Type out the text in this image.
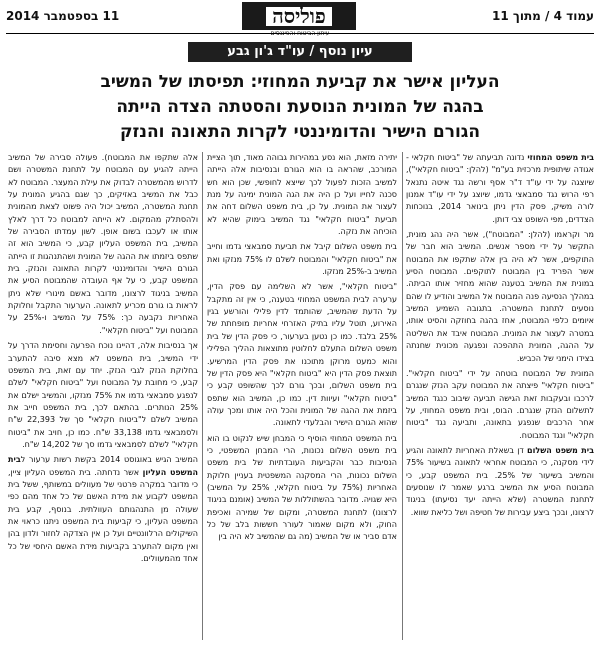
11 בספטמבר 2014	עמוד 4 / מתוך 11
פוליסה
עיתון הביטוח והפיננסים
עיון נוסף / עו"ד ג'ון גבע
העליון אישר את קביעת המחוזי: תפיסתו של המשיב
בהגה של המונית הנוסעת והסטתה הצדה הייתה
הגורם הישיר והדומיננטי לקרות התאונה והנזק

בית משפט המחוזי נדונה תביעתה של "ביטוח חקלאי - אגודה שיתופית מרכזית בע"מ" (להלן: "ביטוח חקלאי"), שיוצגה על ידי עו"ד ד"ר אסף ורשה נגד איטה נתנאל רפי הרוש נגד סמבאצי גדמו, שיוצג על ידי עו"ד אמנון לורה משיק, פסק הדין ניתן בינואר 2014, בנוכחות הצדדים, מפי השופט צבי דותן.

מר וקראמו (להלן: "המבוטח"), אשר היה נהג מונית, התקשר על ידי מספר אנשים. המשיב הוא חבר של התוקפים, אשר לא היה בין אלה שתקפו את המבוטח אשר הפריד בין המבוטח לתוקפים. המבוטח הסיע במונית את המשיב בטענה שהוא מחזיר אותו הביתה. במהלך הנסיעה פנה המבוטח אל המשיב והודיע לו שהם נוסעים לתחנת המשטרה. בתגובה השמיע המשיב איומים כלפי המבוטח, אחז בהגה בחוזקה והסיט אותו, במטרה לעצור את המונית. המבוטח איבד את השליטה על ההגה, המונית התהפכה ונפגעה מכונית שחנתה בצידו הימני של הכביש.

המונית של המבוטח בוטחה על ידי "ביטוח חקלאי". "ביטוח חקלאי" פיצתה את המבוטח עקב הנזק שנגרם לרכבו ובעקבות זאת הגישה תביעה שיבוב כנגד המשיב לתשלום הנזק שנגרם. הבוס, ובית משפט המחוזי, על אחר הרכבים שנפגע בתאונה, ותביעה נגד "ביטוח חקלאי" ונגד המבוטח.

בית משפט השלום דן בשאלת האחריות לתאונה והגיע לידי מסקנה, כי המבוטח אחראי לתאונה בשיעור 75% והמשיב בשיעור של 25%. בית המשפט קבע, כי המבוטח הסיע את המשיב ברגע שאמר לו שנוסעים לתחנת המשטרה (שלא הייתה יעד נסיעתו) בניגוד לרצונו, ובכך ביצע עבירות של חטיפה ושל כליאת שווא.

יתירה מזאת, הוא נסע במהירות גבוהה מאוד, תוך הציית המורכב, שהראה בו הוא הגורם ובנסיבות אלה הייתה למשיב הזכות לפעול לכך שייצא לחופשי, שכן הוא חש סכנה לחייו ועל כן היה את הגה המונית ימינה על מנת לעצור את המונית. על כן, בית משפט השלום דחה את תביעת "ביטוח חקלאי" נגד המשיב בימוק שהיא לא הוכיחה את נזקה.

בית משפט השלום קיבל את תביעת סמבאצי גדמו וחייב את "ביטוח חקלאי" והמבוטח לשלם לו 75% מנזקו ואת המשיב ב-25% מנזקו.

"ביטוח חקלאי", אשר לא השלימה עם פסק הדין, ערערה לבית המשפט המחוזי בטענה, כי אין זה מתקבל על הדעת שהמשיב, שהותמד לדין פלילי והורשע בגין האירוע, תוטל עליו בתיק האזרחי אחריות מופחתת של 25% בלבד. כמו כן נטען בערעור, כי פסק הדין של בית משפט השלום התעלם לחלוטין מתוצאות ההליך הפלילי והוא כמעט מרוקן מתוכנו את פסק הדין המרשיע. תוצאת פסק הדין היא "ביטוח חקלאי" היא פסק הדין של בית משפט השלום, ובכך גורם לכך שהשופט קבע כי "ביטוח חקלאי" ועיוות דין. כמו כן, המשיב הוא שתפס ביזמת את ההגה של המונית והכל היה אותו ומכך עולה שהוא הגורם הישיר והבלעדי לתאונה.

בית המשפט המחוזי הוסיף כי המבחן שיש לנקוט בו הוא בית משפט השלום נכונות, הרי המבחן המשפטי, כי הנסיבות כבר והקביעות העובדתיות של בית משפט השלום נכונות, הרי המסקנה המשפטית בעניין חלוקת האחריות (75% על ביטוח חקלאי, 25% על המשיב) היא שגויה. מדובר בהשתוללות של המשיב (אומנם בניגוד לרצונו) לתחנת המשטרה, ומקום של שמירה ואכיפת החוק, ולא מקום שאמור לעורר חששות בלב של כל אדם סביר או של המשיב (מה גם שהמשיב לא היה בין

אלה שתקפו את המבוטח). פעולה סבירה של המשיב הייתה להגיע עם המבוטח על לתחנת המשטרה ושם לדרוש מהמשטרה לבדוק את עילת המעצר. המבוטח לא כבל את המשיב באזיקים, כך שגם בהגיע המונית על תחנת המשטרה, המשיב יכול היה פשוט לצאת מהמונית ולהסתלק מהמקום. לא הייתה למבוטח כל דרך לאלץ אותו או לעכבו בשום אופן. לשון עמדתו הסבירה של המשיב, בית המשפט העליון קבע, כי המשיב הוא זה שתפס ביזמתו את ההגה של המונית ושהתנהגות זו הייתה הגורם הישיר והדומיננטי לקרות התאונה והנזק. בית המשפט קבע, כי על אף העובדה שהמבוטח הסיע את המשיב בניגוד לרצונו, מדובר באשם מינורי שלא ניתן לראות בו גורם מכריע לתאונה. הערעור התקבל וחלוקת האחריות נקבעה כך: 75% על המשיב ו-25% על המבוטח ועל "ביטוח חקלאי".

אך בנסיבות אלה, דהיינו נוכח הפרעה וחסימת הדרך על ידי המשיב, בית המשפט לא מצא סיבה להתערב בחלוקת הנזק לגבי הנזק. יחד עם זאת, בית המשפט קבע, כי מחובת על המבוטח ועל "ביטוח חקלאי" לשלם לנפגע סמבאצי גדמו את 75% מנזקו, והמשיב ישלם את 25% הנותרים. בהתאם לכך, בית המשפט חייב את המשיב לשלם ל"ביטוח חקלאי" סך של 22,393 ש"ח ולסמבאצי גדמו 33,138 ש"ח. כמו כן, חויב את "ביטוח חקלאי" לשלם לסמבאצי גדמו סך של 14,202 ש"ח.

המשיב הגיש באוגוסט 2014 בקשת רשות ערעור לבית המשפט העליון אשר נדחתה. בית המשפט העליון ציין, כי מדובר במקרה פרטני של מעוולים במשותף, ששל בית המשפט לקבוע את מידת האשם של כל אחד מהם כפי שעולה מן התנהגותם העוולתית. בנוסף, קבע בית המשפט העליון, כי קביעות בית המשפט ניתנו כראוי את השיקולים הרלוונטיים ועל כן אין הצדקה לחזור ולדון בהן ואין מקום להתערב בקביעות מידת האשם היחסי של כל אחד מהמעוולים.
